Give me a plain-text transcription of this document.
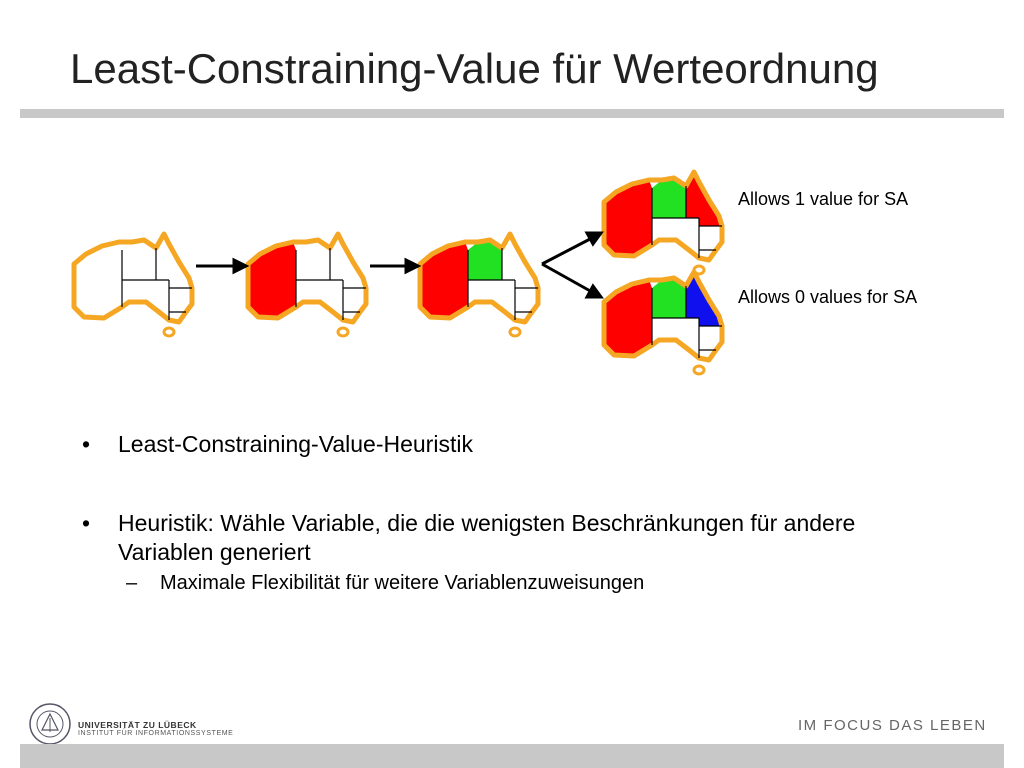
Least-Constraining-Value für Werteordnung
Allows 1 value for SA
Allows 0 values for SA
• Least-Constraining-Value-Heuristik
• Heuristik: Wähle Variable, die die wenigsten Beschränkungen für andere Variablen generiert
– Maximale Flexibilität für weitere Variablenzuweisungen
UNIVERSITÄT ZU LÜBECK
INSTITUT FÜR INFORMATIONSSYSTEME	IM FOCUS DAS LEBEN
